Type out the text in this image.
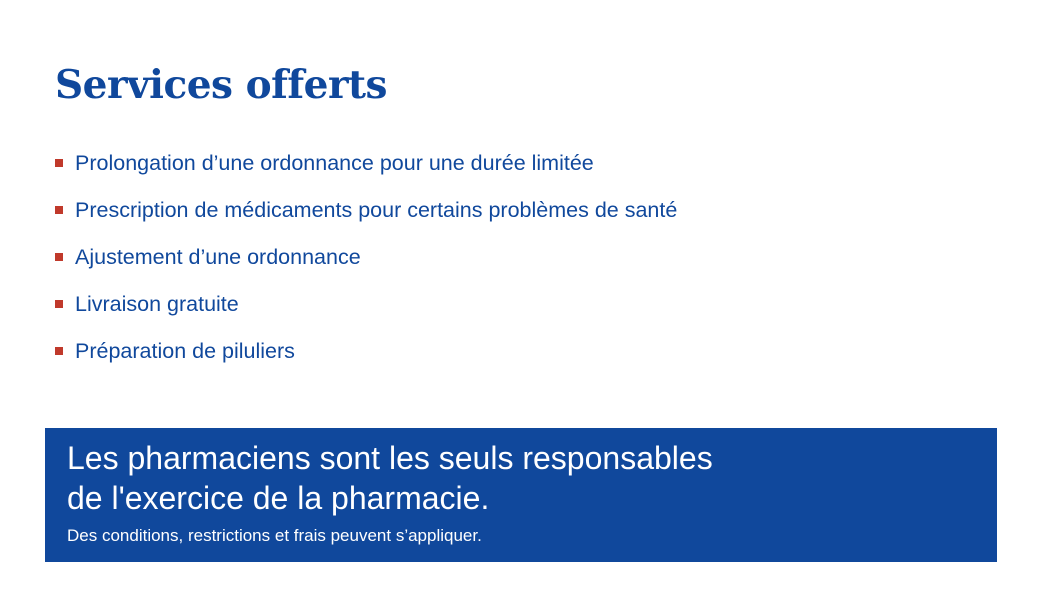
Services offerts
Prolongation d’une ordonnance pour une durée limitée
Prescription de médicaments pour certains problèmes de santé
Ajustement d’une ordonnance
Livraison gratuite
Préparation de piluliers
Les pharmaciens sont les seuls responsables
de l'exercice de la pharmacie.
Des conditions, restrictions et frais peuvent s’appliquer.
